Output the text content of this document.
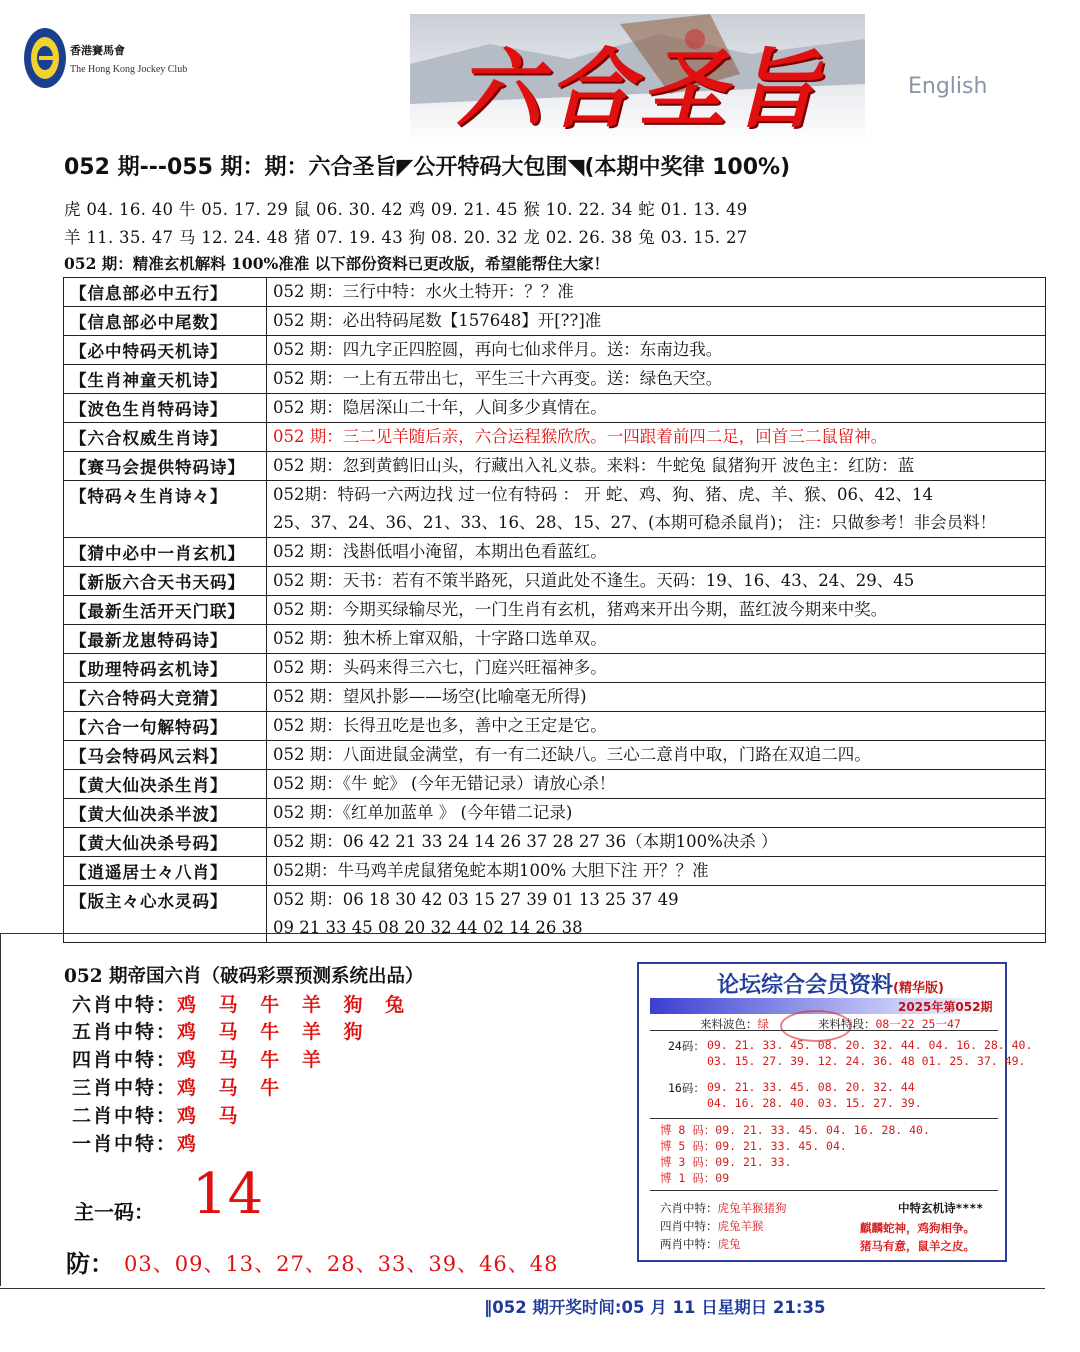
香港賽馬會
The Hong Kong Jockey Club	六合圣旨	English
052 期---055 期：期：六合圣旨◤公开特码大包围◥(本期中奖律 100%)
虎 04. 16. 40 牛 05. 17. 29 鼠 06. 30. 42 鸡 09. 21. 45 猴 10. 22. 34 蛇 01. 13. 49
羊 11. 35. 47 马 12. 24. 48 猪 07. 19. 43 狗 08. 20. 32 龙 02. 26. 38 兔 03. 15. 27
052 期：精准玄机解料 100%准准 以下部份资料已更改版，希望能帮住大家！
【信息部必中五行】	052 期：三行中特：水火土特开：？？准

【信息部必中尾数】	052 期：必出特码尾数【157648】开[??]准

【必中特码天机诗】	052 期：四九字正四腔圆，再向七仙求伴月。送：东南边我。

【生肖神童天机诗】	052 期：一上有五带出七，平生三十六再变。送：绿色天空。

【波色生肖特码诗】	052 期：隐居深山二十年，人间多少真情在。

【六合权威生肖诗】	052 期：三二见羊随后亲，六合运程猴欣欣。一四跟着前四二足，回首三二鼠留神。

【赛马会提供特码诗】	052 期：忽到黄鹤旧山头，行藏出入礼义恭。来料：牛蛇兔 鼠猪狗开 波色主：红防：蓝

【特码々生肖诗々】	052期：特码一六两边找 过一位有特码 ： 开 蛇、鸡、狗、猪、虎、羊、猴、06、42、14
25、37、24、36、21、33、16、28、15、27、(本期可稳杀鼠肖)； 注：只做参考！非会员料！

【猜中必中一肖玄机】	052 期：浅斟低唱小淹留，本期出色看蓝红。

【新版六合天书天码】	052 期：天书：若有不策半路死，只道此处不逢生。天码：19、16、43、24、29、45

【最新生活开天门联】	052 期：今期买绿输尽光，一门生肖有玄机，猪鸡来开出今期，蓝红波今期来中奖。

【最新龙崽特码诗】	052 期：独木桥上窜双船，十字路口选单双。

【助理特码玄机诗】	052 期：头码来得三六七，门庭兴旺福神多。

【六合特码大竞猜】	052 期：望风扑影——场空(比喻毫无所得)

【六合一句解特码】	052 期：长得丑吃是也多，善中之王定是它。

【马会特码风云料】	052 期：八面进鼠金满堂，有一有二还缺八。三心二意肖中取，门路在双追二四。

【黄大仙决杀生肖】	052 期：《牛 蛇》 (今年无错记录）请放心杀！

【黄大仙决杀半波】	052 期：《红单加蓝单 》 (今年错二记录)

【黄大仙决杀号码】	052 期：06 42 21 33 24 14 26 37 28 27 36（本期100%决杀 ）

【逍遥居士々八肖】	052期：牛马鸡羊虎鼠猪兔蛇本期100% 大胆下注 开？？准

【版主々心水灵码】	052 期：06 18 30 42 03 15 27 39 01 13 25 37 49
09 21 33 45 08 20 32 44 02 14 26 38
052 期帝国六肖（破码彩票预测系统出品）
六肖中特：鸡 马 牛 羊 狗 兔
五肖中特：鸡 马 牛 羊 狗
四肖中特：鸡 马 牛 羊
三肖中特：鸡 马 牛
二肖中特：鸡 马
一肖中特：鸡
主一码： 14
防： 03、09、13、27、28、33、39、46、48
论坛综合会员资料(精华版)
2025年第052期
来料波色：绿	来料特段：08一22 25一47
24码： 09. 21. 33. 45. 08. 20. 32. 44. 04. 16. 28. 40.
03. 15. 27. 39. 12. 24. 36. 48 01. 25. 37. 49.
16码： 09. 21. 33. 45. 08. 20. 32. 44
04. 16. 28. 40. 03. 15. 27. 39.
博 8 码：09. 21. 33. 45. 04. 16. 28. 40.
博 5 码：09. 21. 33. 45. 04.
博 3 码：09. 21. 33.
博 1 码：09
六肖中特：虎兔羊猴猪狗
四肖中特：虎兔羊猴
两肖中特：虎兔
中特玄机诗****
麒麟蛇神，鸡狗相争。
猪马有意，鼠羊之皮。
‖052 期开奖时间:05 月 11 日星期日 21:35
